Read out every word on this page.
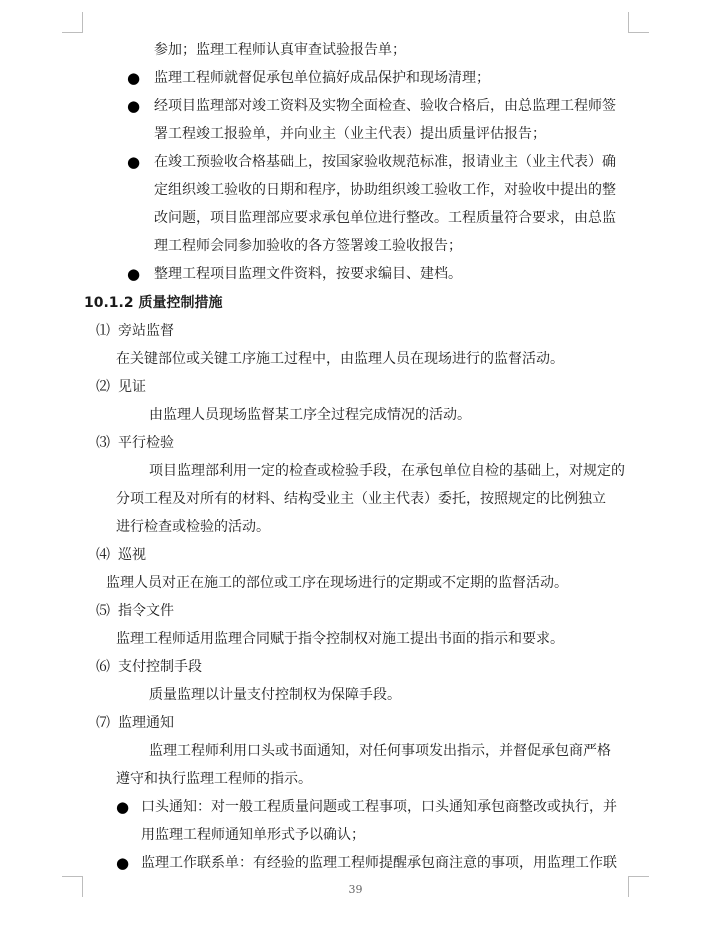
参加；监理工程师认真审查试验报告单；
● 监理工程师就督促承包单位搞好成品保护和现场清理；
● 经项目监理部对竣工资料及实物全面检查、验收合格后，由总监理工程师签
署工程竣工报验单，并向业主（业主代表）提出质量评估报告；
● 在竣工预验收合格基础上，按国家验收规范标准，报请业主（业主代表）确
定组织竣工验收的日期和程序，协助组织竣工验收工作，对验收中提出的整
改问题，项目监理部应要求承包单位进行整改。工程质量符合要求，由总监
理工程师会同参加验收的各方签署竣工验收报告；
● 整理工程项目监理文件资料，按要求编目、建档。
10.1.2 质量控制措施
⑴ 旁站监督
在关键部位或关键工序施工过程中，由监理人员在现场进行的监督活动。
⑵ 见证
由监理人员现场监督某工序全过程完成情况的活动。
⑶ 平行检验
项目监理部利用一定的检查或检验手段，在承包单位自检的基础上，对规定的
分项工程及对所有的材料、结构受业主（业主代表）委托，按照规定的比例独立
进行检查或检验的活动。
⑷ 巡视
监理人员对正在施工的部位或工序在现场进行的定期或不定期的监督活动。
⑸ 指令文件
监理工程师适用监理合同赋于指令控制权对施工提出书面的指示和要求。
⑹ 支付控制手段
质量监理以计量支付控制权为保障手段。
⑺ 监理通知
监理工程师利用口头或书面通知，对任何事项发出指示，并督促承包商严格
遵守和执行监理工程师的指示。
● 口头通知：对一般工程质量问题或工程事项，口头通知承包商整改或执行，并
用监理工程师通知单形式予以确认；
● 监理工作联系单：有经验的监理工程师提醒承包商注意的事项，用监理工作联
39
